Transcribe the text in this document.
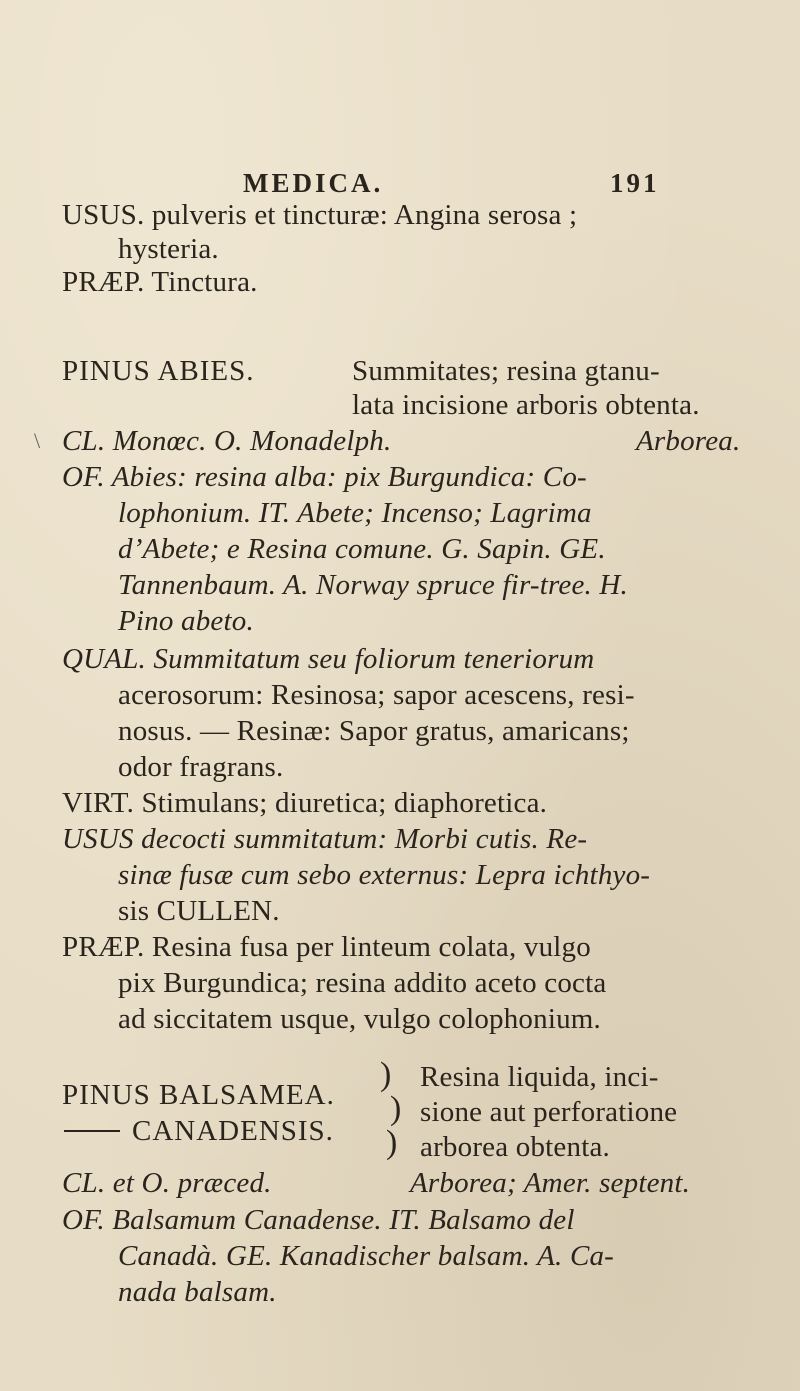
MEDICA.	191
\
USUS. pulveris et tincturæ: Angina serosa ;
hysteria.
PRÆP. Tinctura.
PINUS ABIES.	Summitates; resina gtanu-
lata incisione arboris obtenta.
CL. Monœc. O. Monadelph.	Arborea.
OF. Abies: resina alba: pix Burgundica: Co-
lophonium. IT. Abete; Incenso; Lagrima
d’Abete; e Resina comune. G. Sapin. GE.
Tannenbaum. A. Norway spruce fir-tree. H.
Pino abeto.
QUAL. Summitatum seu foliorum teneriorum
acerosorum: Resinosa; sapor acescens, resi-
nosus. — Resinæ: Sapor gratus, amaricans;
odor fragrans.
VIRT. Stimulans; diuretica; diaphoretica.
USUS decocti summitatum: Morbi cutis. Re-
sinæ fusæ cum sebo externus: Lepra ichthyo-
sis CULLEN.
PRÆP. Resina fusa per linteum colata, vulgo
pix Burgundica; resina addito aceto cocta
ad siccitatem usque, vulgo colophonium.
PINUS BALSAMEA.
CANADENSIS.
)
)
)
Resina liquida, inci-
sione aut perforatione
arborea obtenta.
CL. et O. præced.	Arborea; Amer. septent.
OF. Balsamum Canadense. IT. Balsamo del
Canadà. GE. Kanadischer balsam. A. Ca-
nada balsam.
